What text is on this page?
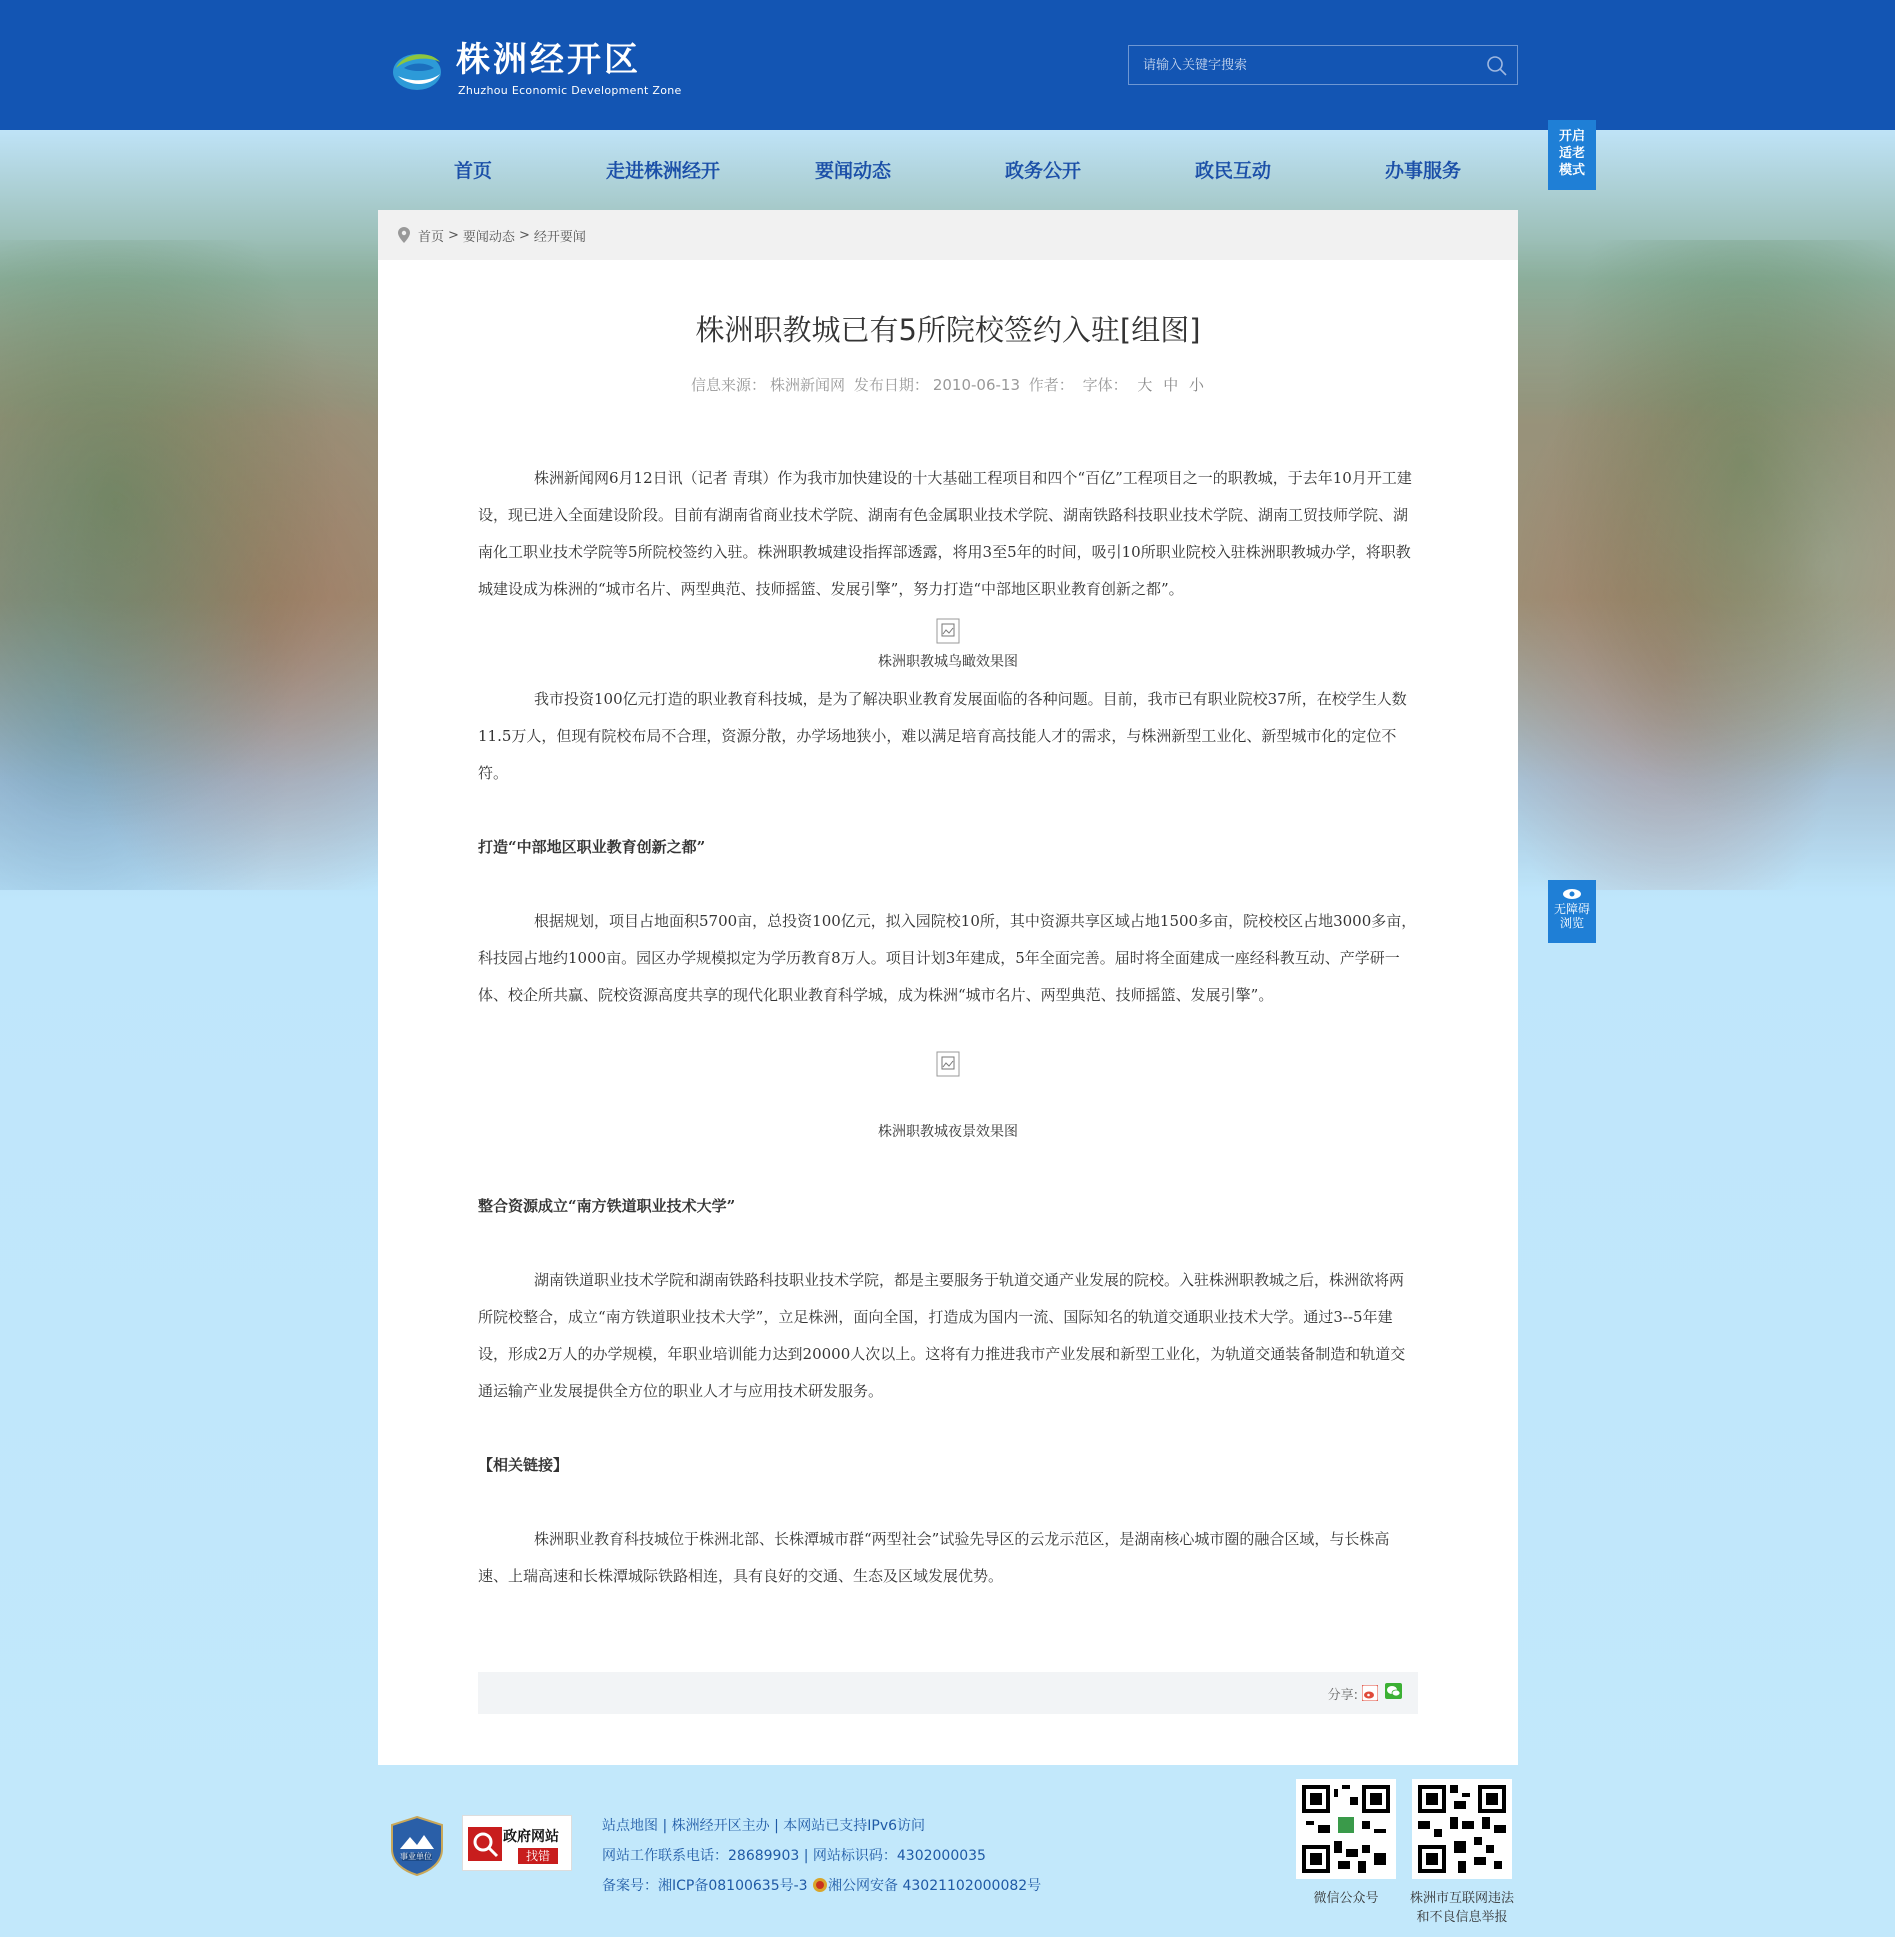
株洲经开区
Zhuzhou Economic Development Zone
请输入关键字搜索
首页	走进株洲经开	要闻动态	政务公开	政民互动	办事服务
开启
适老
模式
无障碍
浏览
首页 > 要闻动态 > 经开要闻
株洲职教城已有5所院校签约入驻[组图]
信息来源： 株洲新闻网 发布日期： 2010-06-13 作者： 字体： 大 中 小

株洲新闻网6月12日讯（记者 青琪）作为我市加快建设的十大基础工程项目和四个“百亿”工程项目之一的职教城，于去年10月开工建设，现已进入全面建设阶段。目前有湖南省商业技术学院、湖南有色金属职业技术学院、湖南铁路科技职业技术学院、湖南工贸技师学院、湖南化工职业技术学院等5所院校签约入驻。株洲职教城建设指挥部透露，将用3至5年的时间，吸引10所职业院校入驻株洲职教城办学，将职教城建设成为株洲的“城市名片、两型典范、技师摇篮、发展引擎”，努力打造“中部地区职业教育创新之都”。

株洲职教城鸟瞰效果图

我市投资100亿元打造的职业教育科技城，是为了解决职业教育发展面临的各种问题。目前，我市已有职业院校37所，在校学生人数11.5万人，但现有院校布局不合理，资源分散，办学场地狭小，难以满足培育高技能人才的需求，与株洲新型工业化、新型城市化的定位不符。

打造“中部地区职业教育创新之都”

根据规划，项目占地面积5700亩，总投资100亿元，拟入园院校10所，其中资源共享区域占地1500多亩，院校校区占地3000多亩，科技园占地约1000亩。园区办学规模拟定为学历教育8万人。项目计划3年建成，5年全面完善。届时将全面建成一座经科教互动、产学研一体、校企所共赢、院校资源高度共享的现代化职业教育科学城，成为株洲“城市名片、两型典范、技师摇篮、发展引擎”。

株洲职教城夜景效果图

整合资源成立“南方铁道职业技术大学”

湖南铁道职业技术学院和湖南铁路科技职业技术学院，都是主要服务于轨道交通产业发展的院校。入驻株洲职教城之后，株洲欲将两所院校整合，成立“南方铁道职业技术大学”，立足株洲，面向全国，打造成为国内一流、国际知名的轨道交通职业技术大学。通过3--5年建设，形成2万人的办学规模，年职业培训能力达到20000人次以上。这将有力推进我市产业发展和新型工业化，为轨道交通装备制造和轨道交通运输产业发展提供全方位的职业人才与应用技术研发服务。

【相关链接】

株洲职业教育科技城位于株洲北部、长株潭城市群“两型社会”试验先导区的云龙示范区，是湖南核心城市圈的融合区域，与长株高速、上瑞高速和长株潭城际铁路相连，具有良好的交通、生态及区域发展优势。

分享:
事业单位
政府网站
找错
站点地图 | 株洲经开区主办 | 本网站已支持IPv6访问
网站工作联系电话：28689903 | 网站标识码：4302000035
备案号：湘ICP备08100635号-3 湘公网安备 43021102000082号
微信公众号	株洲市互联网违法
和不良信息举报
